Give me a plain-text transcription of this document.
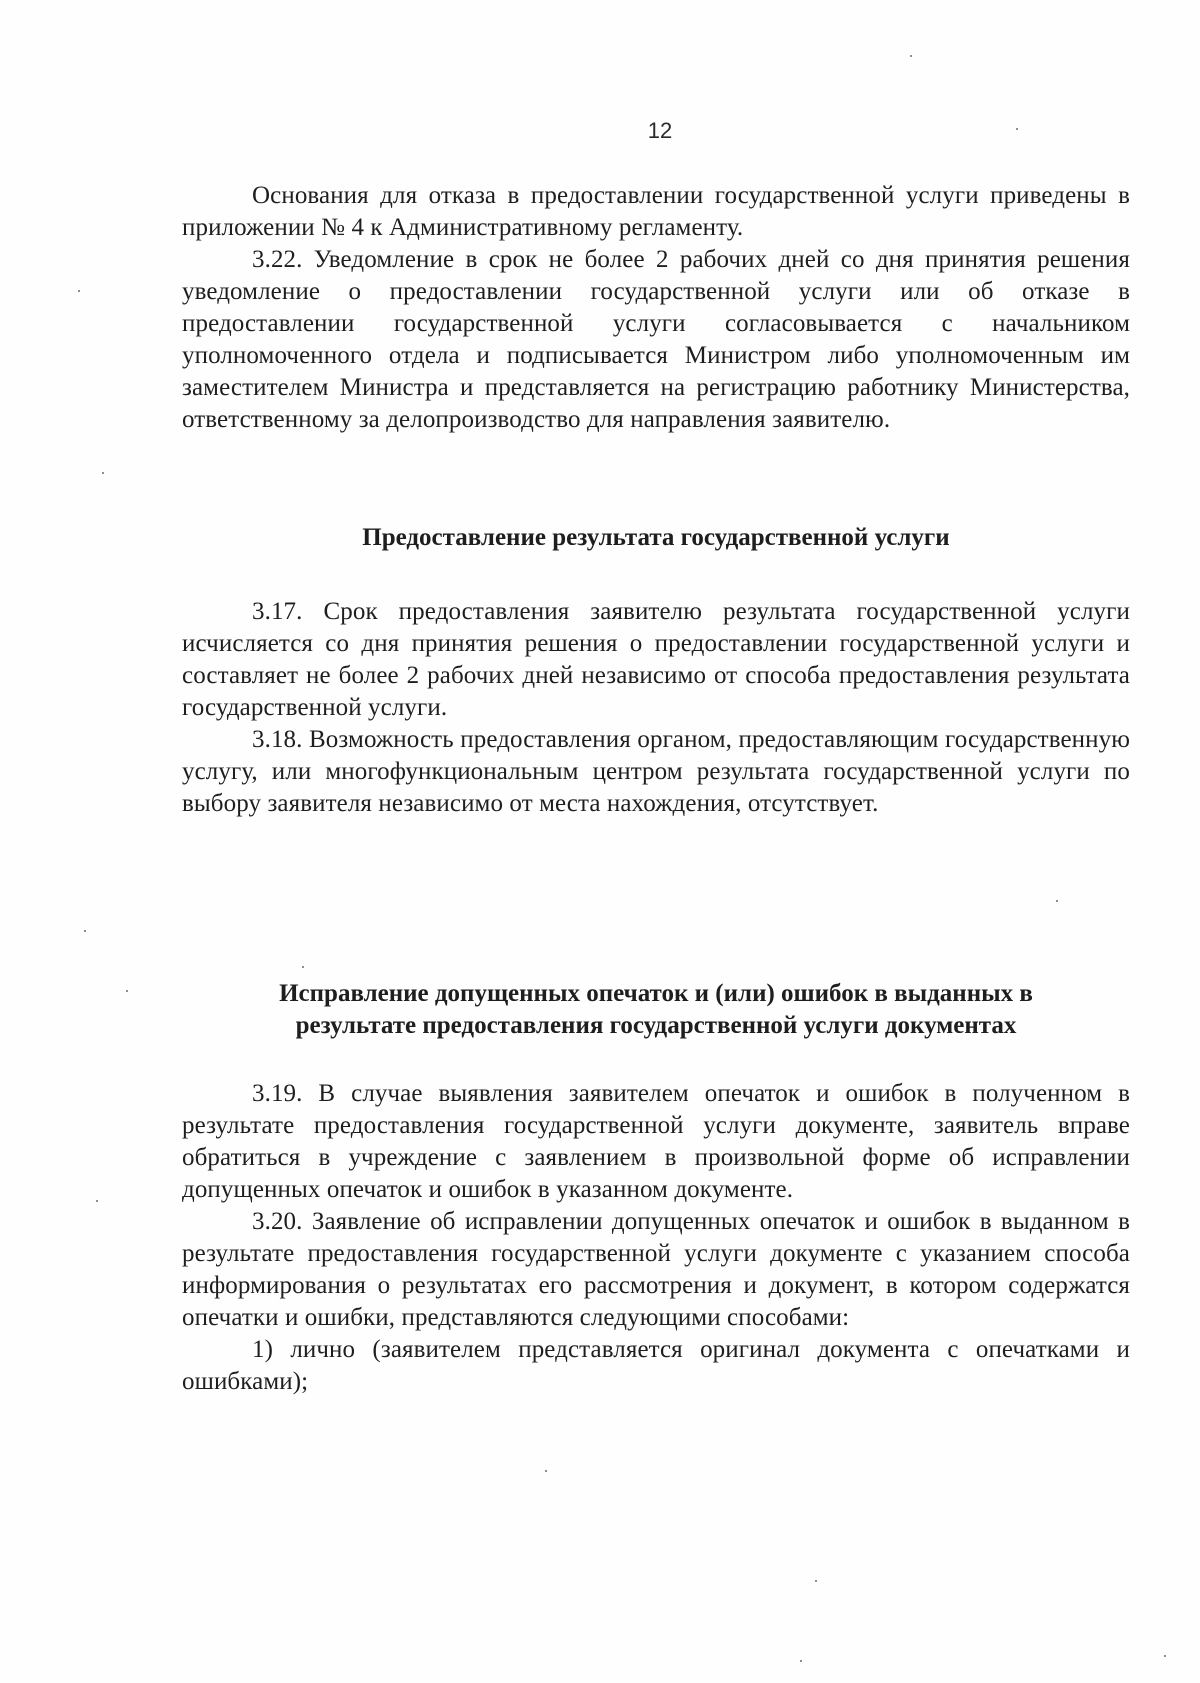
12

Основания для отказа в предоставлении государственной услуги приведены в приложении № 4 к Административному регламенту.

3.22. Уведомление в срок не более 2 рабочих дней со дня принятия решения уведомление о предоставлении государственной услуги или об отказе в предоставлении государственной услуги согласовывается с начальником уполномоченного отдела и подписывается Министром либо уполномоченным им заместителем Министра и представляется на регистрацию работнику Министерства, ответственному за делопроизводство для направления заявителю.

Предоставление результата государственной услуги

3.17. Срок предоставления заявителю результата государственной услуги исчисляется со дня принятия решения о предоставлении государственной услуги и составляет не более 2 рабочих дней независимо от способа предоставления результата государственной услуги.

3.18. Возможность предоставления органом, предоставляющим государственную услугу, или многофункциональным центром результата государственной услуги по выбору заявителя независимо от места нахождения, отсутствует.

Исправление допущенных опечаток и (или) ошибок в выданных в
результате предоставления государственной услуги документах

3.19. В случае выявления заявителем опечаток и ошибок в полученном в результате предоставления государственной услуги документе, заявитель вправе обратиться в учреждение с заявлением в произвольной форме об исправлении допущенных опечаток и ошибок в указанном документе.

3.20. Заявление об исправлении допущенных опечаток и ошибок в выданном в результате предоставления государственной услуги документе с указанием способа информирования о результатах его рассмотрения и документ, в котором содержатся опечатки и ошибки, представляются следующими способами:

1) лично (заявителем представляется оригинал документа с опечатками и ошибками);
